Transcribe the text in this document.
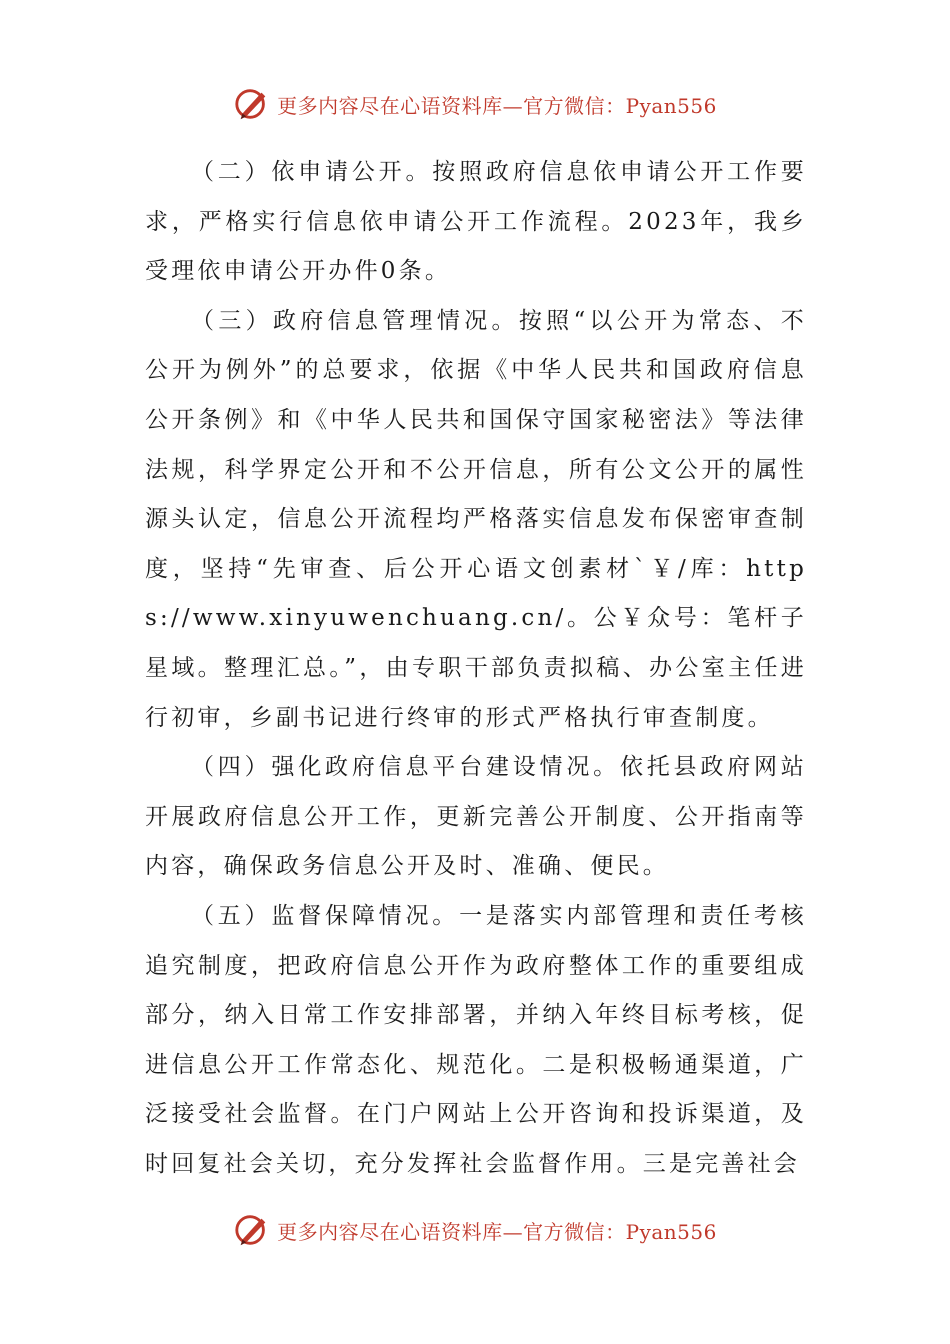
更多内容尽在心语资料库—官方微信：Pyan556

（二）依申请公开。按照政府信息依申请公开工作要求，严格实行信息依申请公开工作流程。2023年，我乡受理依申请公开办件0条。

（三）政府信息管理情况。按照“以公开为常态、不公开为例外”的总要求，依据《中华人民共和国政府信息公开条例》和《中华人民共和国保守国家秘密法》等法律法规，科学界定公开和不公开信息，所有公文公开的属性源头认定，信息公开流程均严格落实信息发布保密审查制度，坚持“先审查、后公开心语文创素材`￥/库：https://www.xinyuwenchuang.cn/。公￥众号：笔杆子星域。整理汇总。”，由专职干部负责拟稿、办公室主任进行初审，乡副书记进行终审的形式严格执行审查制度。

（四）强化政府信息平台建设情况。依托县政府网站开展政府信息公开工作，更新完善公开制度、公开指南等内容，确保政务信息公开及时、准确、便民。

（五）监督保障情况。一是落实内部管理和责任考核追究制度，把政府信息公开作为政府整体工作的重要组成部分，纳入日常工作安排部署，并纳入年终目标考核，促进信息公开工作常态化、规范化。二是积极畅通渠道，广泛接受社会监督。在门户网站上公开咨询和投诉渠道，及时回复社会关切，充分发挥社会监督作用。三是完善社会

更多内容尽在心语资料库—官方微信：Pyan556
